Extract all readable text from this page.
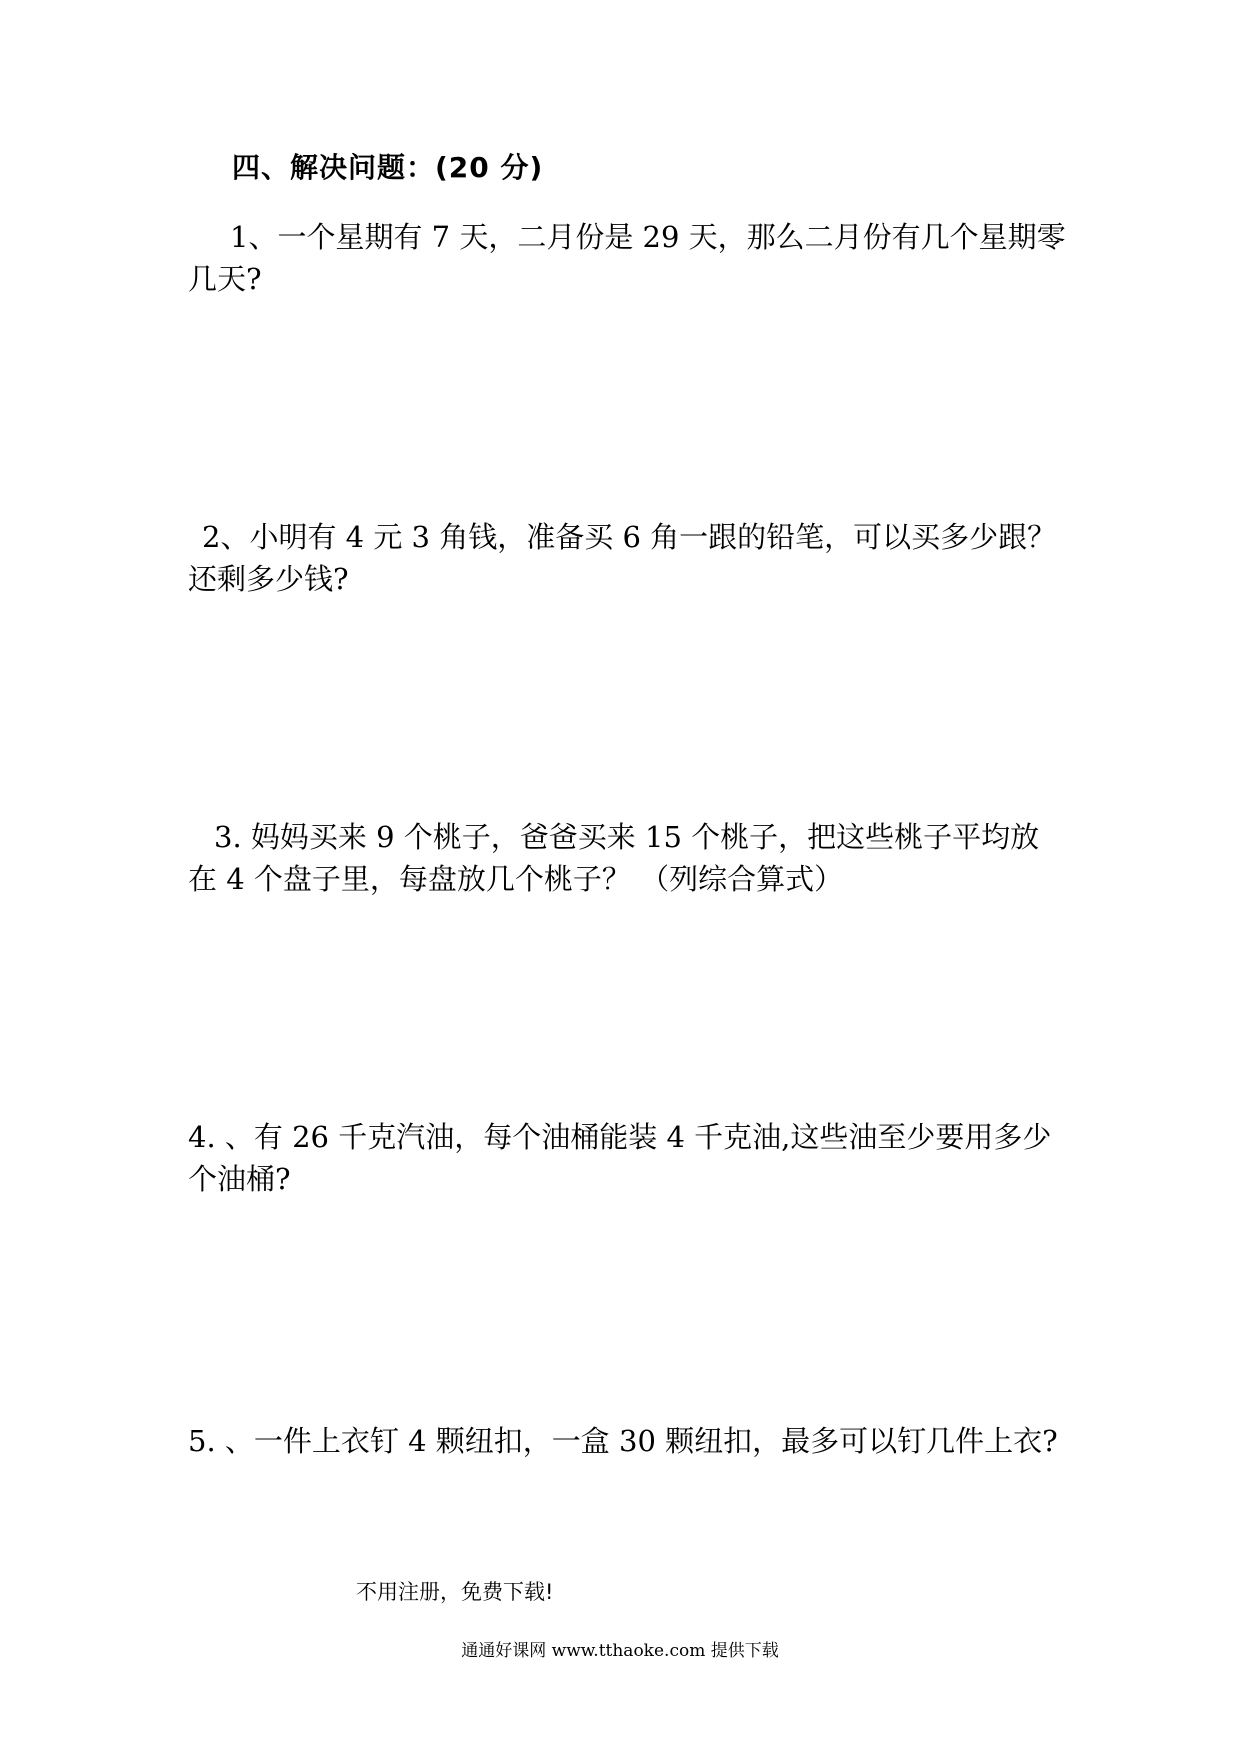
四、解决问题：(20 分)

1、一个星期有 7 天，二月份是 29 天，那么二月份有几个星期零几天?

2、小明有 4 元 3 角钱，准备买 6 角一跟的铅笔，可以买多少跟？还剩多少钱?

3. 妈妈买来 9 个桃子，爸爸买来 15 个桃子，把这些桃子平均放在 4 个盘子里，每盘放几个桃子？ （列综合算式）

4. 、有 26 千克汽油，每个油桶能装 4 千克油,这些油至少要用多少个油桶?

5. 、一件上衣钉 4 颗纽扣，一盒 30 颗纽扣，最多可以钉几件上衣?

不用注册，免费下载!

通通好课网 www.tthaoke.com 提供下载
